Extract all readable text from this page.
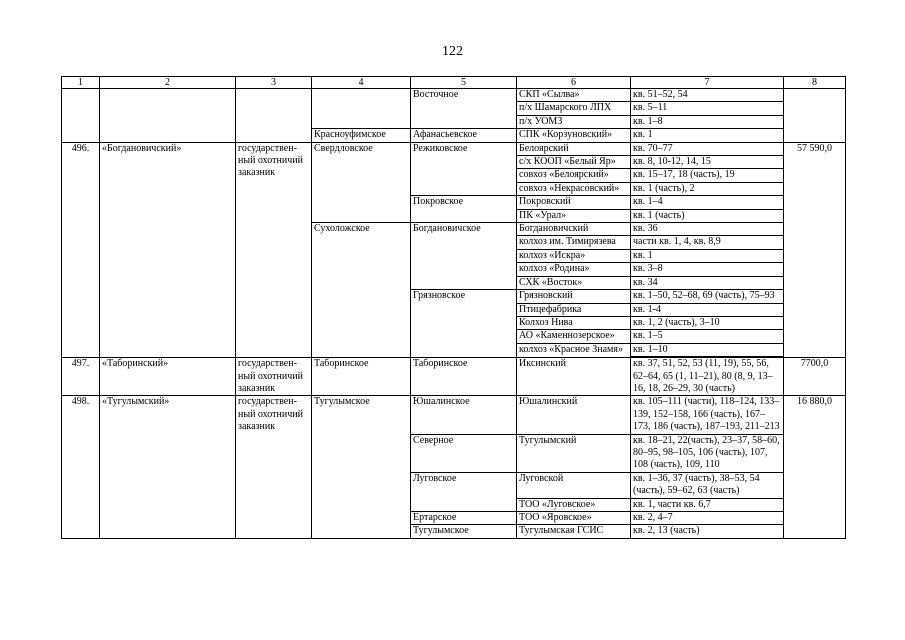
122
1	2	3	4	5	6	7	8
				Восточное	СКП «Сылва»	кв. 51–52, 54	
					п/х Шамарского ЛПХ	кв. 5–11	
					п/х УОМЗ	кв. 1–8	
			Красноуфимское	Афанасьевское	СПК «Корзуновский»	кв. 1	
496.	«Богдановичский»	государствен-ный охотничий заказник	Свердловское	Режиковское	Белоярский	кв. 70–77	57 590,0
					с/х КООП «Белый Яр»	кв. 8, 10-12, 14, 15	
					совхоз «Белоярский»	кв. 15–17, 18 (часть), 19	
					совхоз «Некрасовский»	кв. 1 (часть), 2	
				Покровское	Покровский	кв. 1–4	
					ПК «Урал»	кв. 1 (часть)	
			Сухоложское	Богдановичское	Богдановичский	кв. 36	
					колхоз им. Тимирязева	части кв. 1, 4, кв. 8,9	
					колхоз «Искра»	кв. 1	
					колхоз «Родина»	кв. 3–8	
					СХК «Восток»	кв. 34	
				Грязновское	Грязновский	кв. 1–50, 52–68, 69 (часть), 75–93	
					Птицефабрика	кв. 1-4	
					Колхоз Нива	кв. 1, 2 (часть), 3–10	
					АО «Каменнозерское»	кв. 1–5	
					колхоз «Красное Знамя»	кв. 1–10	

497.	«Таборинский»	государствен-ный охотничий заказник	Таборинское	Таборинское	Иксинский	кв. 37, 51, 52, 53 (11, 19), 55, 56, 62–64, 65 (1, 11–21), 80 (8, 9, 13–16, 18, 26–29, 30 (часть)	7700,0
498.	«Тугулымский»	государствен-ный охотничий заказник	Тугулымское	Юшалинское	Юшалинский	кв. 105–111 (части), 118–124, 133–139, 152–158, 166 (часть), 167–173, 186 (часть), 187–193, 211–213	16 880,0
				Северное	Тугулымский	кв. 18–21, 22(часть), 23–37, 58–60, 80–95, 98–105, 106 (часть), 107, 108 (часть), 109, 110	
				Луговское	Луговской	кв. 1–36, 37 (часть), 38–53, 54 (часть), 59–62, 63 (часть)	
					ТОО «Луговское»	кв. 1, части кв. 6,7	
				Ертарское	ТОО «Яровское»	кв. 2, 4–7	
				Тугулымское	Тугулымская ГСИС	кв. 2, 13 (часть)	
